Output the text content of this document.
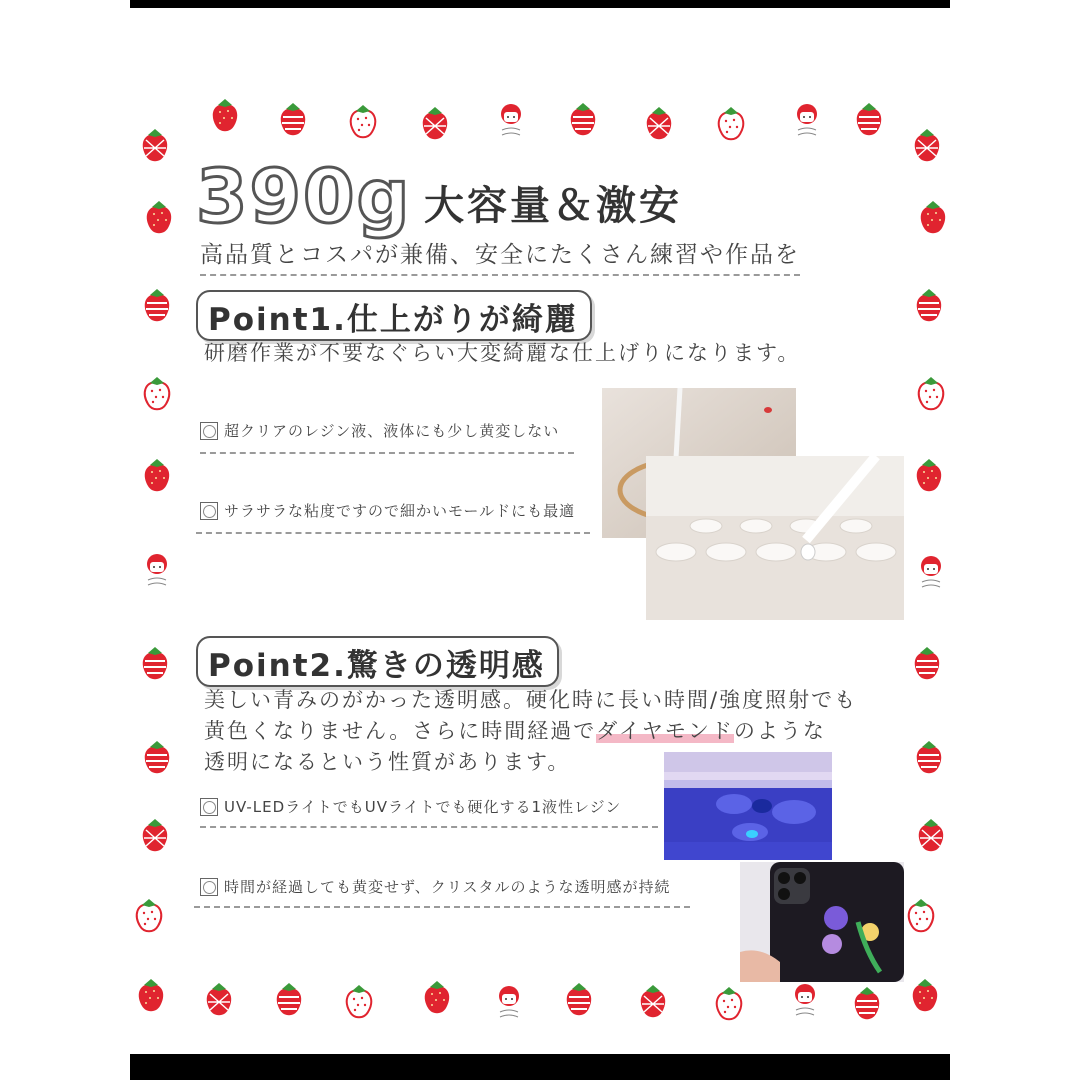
390g 大容量＆激安
高品質とコスパが兼備、安全にたくさん練習や作品を
Point1.仕上がりが綺麗
研磨作業が不要なぐらい大変綺麗な仕上げりになります。
超クリアのレジン液、液体にも少し黄変しない
サラサラな粘度ですので細かいモールドにも最適
Point2.驚きの透明感
美しい青みのがかった透明感。硬化時に長い時間/強度照射でも
黄色くなりません。さらに時間経過でダイヤモンドのような
透明になるという性質があります。
UV-LEDライトでもUVライトでも硬化する1液性レジン
時間が経過しても黄変せず、クリスタルのような透明感が持続
